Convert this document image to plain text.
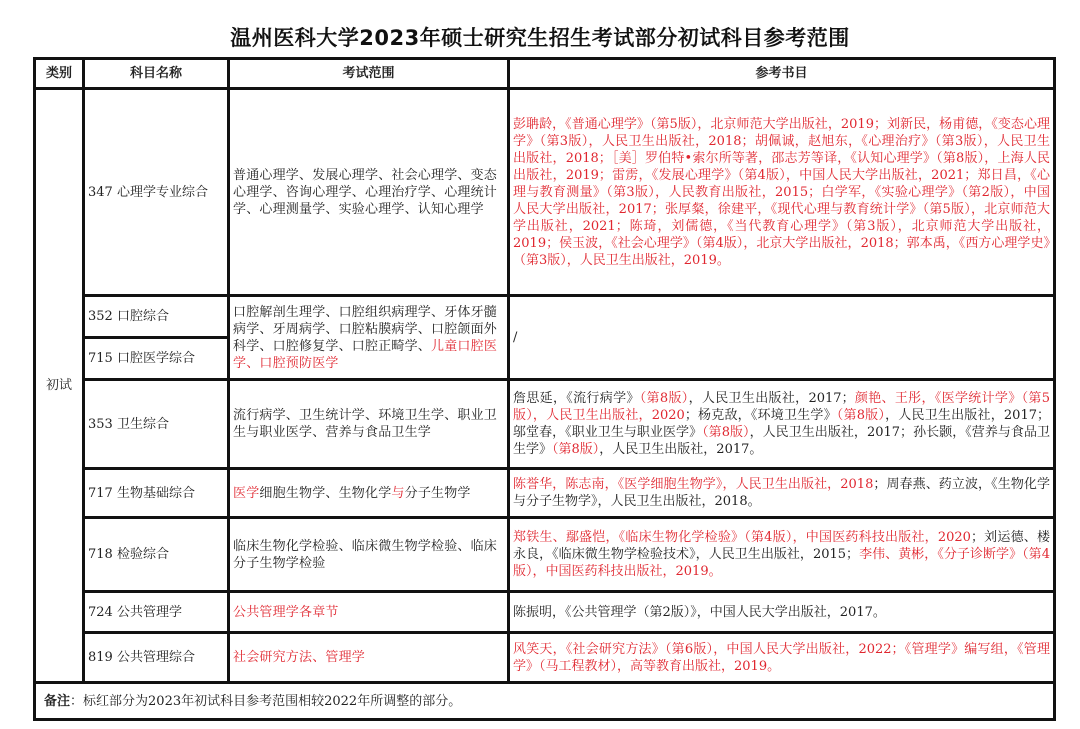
温州医科大学2023年硕士研究生招生考试部分初试科目参考范围
类别	科目名称	考试范围	参考书目
初试	347 心理学专业综合	普通心理学、发展心理学、社会心理学、变态心理学、咨询心理学、心理治疗学、心理统计学、心理测量学、实验心理学、认知心理学	彭聃龄，《普通心理学》（第5版），北京师范大学出版社，2019；刘新民，杨甫德，《变态心理学》（第3版），人民卫生出版社，2018；胡佩诚，赵旭东，《心理治疗》（第3版），人民卫生出版社，2018；［美］罗伯特•索尔所等著，邵志芳等译，《认知心理学》（第8版），上海人民出版社，2019；雷雳，《发展心理学》（第4版），中国人民大学出版社，2021；郑日昌，《心理与教育测量》（第3版），人民教育出版社，2015；白学军，《实验心理学》（第2版），中国人民大学出版社，2017；张厚粲，徐建平，《现代心理与教育统计学》（第5版），北京师范大学出版社，2021；陈琦，刘儒德，《当代教育心理学》（第3版），北京师范大学出版社，2019；侯玉波，《社会心理学》（第4版），北京大学出版社，2018；郭本禹，《西方心理学史》（第3版），人民卫生出版社，2019。
	352 口腔综合	口腔解剖生理学、口腔组织病理学、牙体牙髓病学、牙周病学、口腔粘膜病学、口腔颌面外科学、口腔修复学、口腔正畸学、儿童口腔医学、口腔预防医学	/
	715 口腔医学综合		
	353 卫生综合	流行病学、卫生统计学、环境卫生学、职业卫生与职业医学、营养与食品卫生学	詹思延，《流行病学》（第8版），人民卫生出版社，2017；颜艳、王彤，《医学统计学》（第5版），人民卫生出版社，2020；杨克敌，《环境卫生学》（第8版），人民卫生出版社，2017；邬堂春，《职业卫生与职业医学》（第8版），人民卫生出版社，2017；孙长颢，《营养与食品卫生学》（第8版），人民卫生出版社，2017。
	717 生物基础综合	医学细胞生物学、生物化学与分子生物学	陈誉华，陈志南，《医学细胞生物学》，人民卫生出版社，2018；周春燕、药立波，《生物化学与分子生物学》，人民卫生出版社，2018。
	718 检验综合	临床生物化学检验、临床微生物学检验、临床分子生物学检验	郑铁生、鄢盛恺，《临床生物化学检验》（第4版），中国医药科技出版社，2020；刘运德、楼永良，《临床微生物学检验技术》，人民卫生出版社，2015；李伟、黄彬，《分子诊断学》（第4版），中国医药科技出版社，2019。
	724 公共管理学	公共管理学各章节	陈振明，《公共管理学（第2版）》，中国人民大学出版社，2017。
	819 公共管理综合	社会研究方法、管理学	风笑天，《社会研究方法》（第6版），中国人民大学出版社，2022；《管理学》编写组，《管理学》（马工程教材），高等教育出版社，2019。

备注：标红部分为2023年初试科目参考范围相较2022年所调整的部分。			
